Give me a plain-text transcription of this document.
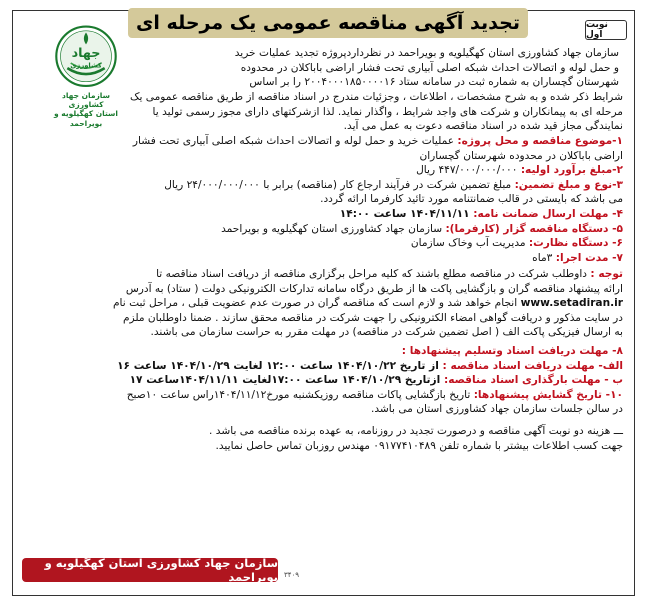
تجدید آگهی مناقصه عمومی یک مرحله ای	نوبت اول
جهاد
کشاورزی
سازمان جهاد کشاورزی
استان کهگیلویه و بویراحمد
سازمان جهاد کشاورزی استان کهگیلویه و بویراحمد در نظرداردپروژه تجدید عملیات خرید
و حمل لوله و اتصالات احداث شبکه اصلی آبیاری تحت فشار اراضی باباکلان در محدوده
شهرستان گچساران به شماره ثبت در سامانه ستاد ۲۰۰۴۰۰۰۱۸۵۰۰۰۰۱۶ را بر اساس
شرایط ذکر شده و به شرح مشخصات ، اطلاعات ، وجزئیات مندرج در اسناد مناقصه از طریق مناقصه عمومی یک
مرحله ای به پیمانکاران و شرکت های واجد شرایط ، واگذار نماید. لذا ازشرکتهای دارای مجوز رسمی تولید یا
نمایندگی مجاز قید شده در اسناد مناقصه دعوت به عمل می آید.
۱-موضوع مناقصه و محل پروژه: عملیات خرید و حمل لوله و اتصالات احداث شبکه اصلی آبیاری تحت فشار
اراضی باباکلان در محدوده شهرستان گچساران
۲-مبلغ برآورد اولیه: ۴۴۷/۰۰۰/۰۰۰/۰۰۰ ریال
۳-نوع و مبلغ تضمین: مبلغ تضمین شرکت در فرآیند ارجاع کار (مناقصه) برابر با ۲۴/۰۰۰/۰۰۰/۰۰۰ ریال
می باشد که بایستی در قالب ضمانتنامه مورد تائید کارفرما ارائه گردد.
۴- مهلت ارسال ضمانت نامه: ۱۴۰۴/۱۱/۱۱ ساعت ۱۴:۰۰
۵- دستگاه مناقصه گزار (کارفرما): سازمان جهاد کشاورزی استان کهگیلویه و بویراحمد
۶- دستگاه نظارت: مدیریت آب وخاک سازمان
۷- مدت اجرا: ۳ماه
توجه : داوطلب شرکت در مناقصه مطلع باشند که کلیه مراحل برگزاری مناقصه از دریافت اسناد مناقصه تا
ارائه پیشنهاد مناقصه گران و بازگشایی پاکت ها از طریق درگاه سامانه تدارکات الکترونیکی دولت ( ستاد) به آدرس
www.setadiran.ir انجام خواهد شد و لازم است که مناقصه گران در صورت عدم عضویت قبلی ، مراحل ثبت نام
در سایت مذکور و دریافت گواهی امضاء الکترونیکی را جهت شرکت در مناقصه محقق سازند . ضمنا داوطلبان ملزم
به ارسال فیزیکی پاکت الف ( اصل تضمین شرکت در مناقصه) در مهلت مقرر به حراست سازمان می باشند.
۸- مهلت دریافت اسناد وتسلیم پیشنهادها :
الف- مهلت دریافت اسناد مناقصه : از تاریخ ۱۴۰۴/۱۰/۲۲ ساعت ۱۲:۰۰ لغایت ۱۴۰۴/۱۰/۲۹ ساعت ۱۶
ب - مهلت بارگذاری اسناد مناقصه: ازتاریخ ۱۴۰۴/۱۰/۲۹ ساعت ۱۷:۰۰لغایت ۱۴۰۴/۱۱/۱۱ساعت ۱۷
۱۰- تاریخ گشایش پیشنهادها: تاریخ بازگشایی پاکات مناقصه روزیکشنبه مورخ۱۴۰۴/۱۱/۱۲راس ساعت ۱۰صبح
در سالن جلسات سازمان جهاد کشاورزی استان می باشد.
ـــ هزینه دو نوبت آگهی مناقصه و درصورت تجدید در روزنامه، به عهده برنده مناقصه می باشد .
جهت کسب اطلاعات بیشتر با شماره تلفن ۰۹۱۷۷۴۱۰۴۸۹ مهندس روزبان تماس حاصل نمایید.
سازمان جهاد کشاورزی استان کهگیلویه و بویراحمد ۳۴۰۹
